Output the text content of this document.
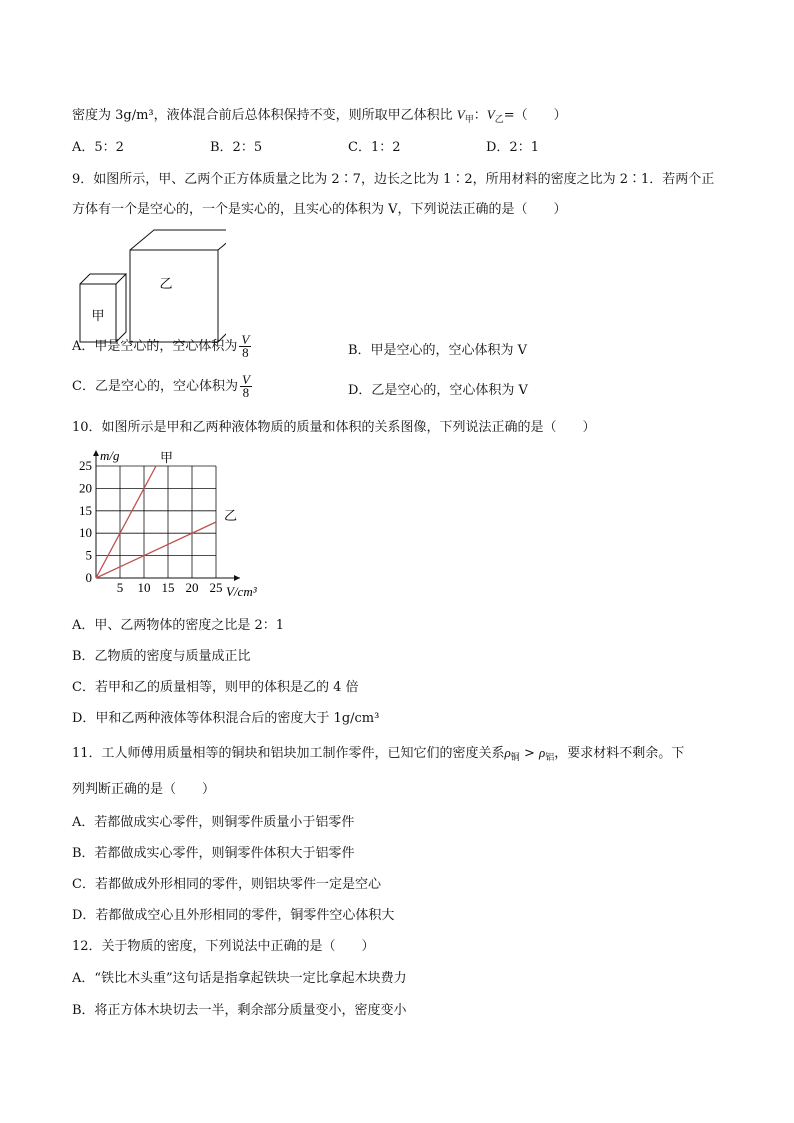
密度为 3g/m³，液体混合前后总体积保持不变，则所取甲乙体积比 $V_甲$：$V_乙=$（　　）
A．5：2	B．2：5	C．1：2	D．2：1
9．如图所示，甲、乙两个正方体质量之比为 2∶7，边长之比为 1∶2，所用材料的密度之比为 2∶1．若两个正
方体有一个是空心的，一个是实心的，且实心的体积为 V，下列说法正确的是（　　）
甲
乙
A．甲是空心的，空心体积为 $\frac{V}{8}$	B．甲是空心的，空心体积为 V
C．乙是空心的，空心体积为 $\frac{V}{8}$	D．乙是空心的，空心体积为 V
10．如图所示是甲和乙两种液体物质的质量和体积的关系图像，下列说法正确的是（　　）
5 10 15 20 25
5
10
15
20
25
0
m/g
V/cm³
甲
乙
A．甲、乙两物体的密度之比是 2：1
B．乙物质的密度与质量成正比
C．若甲和乙的质量相等，则甲的体积是乙的 4 倍
D．甲和乙两种液体等体积混合后的密度大于 1g/cm³
11．工人师傅用质量相等的铜块和铝块加工制作零件，已知它们的密度关系$\rho_铜 > \rho_铝$，要求材料不剩余。下
列判断正确的是（　　）
A．若都做成实心零件，则铜零件质量小于铝零件
B．若都做成实心零件，则铜零件体积大于铝零件
C．若都做成外形相同的零件，则铝块零件一定是空心
D．若都做成空心且外形相同的零件，铜零件空心体积大
12．关于物质的密度，下列说法中正确的是（　　）
A．“铁比木头重”这句话是指拿起铁块一定比拿起木块费力
B．将正方体木块切去一半，剩余部分质量变小，密度变小
